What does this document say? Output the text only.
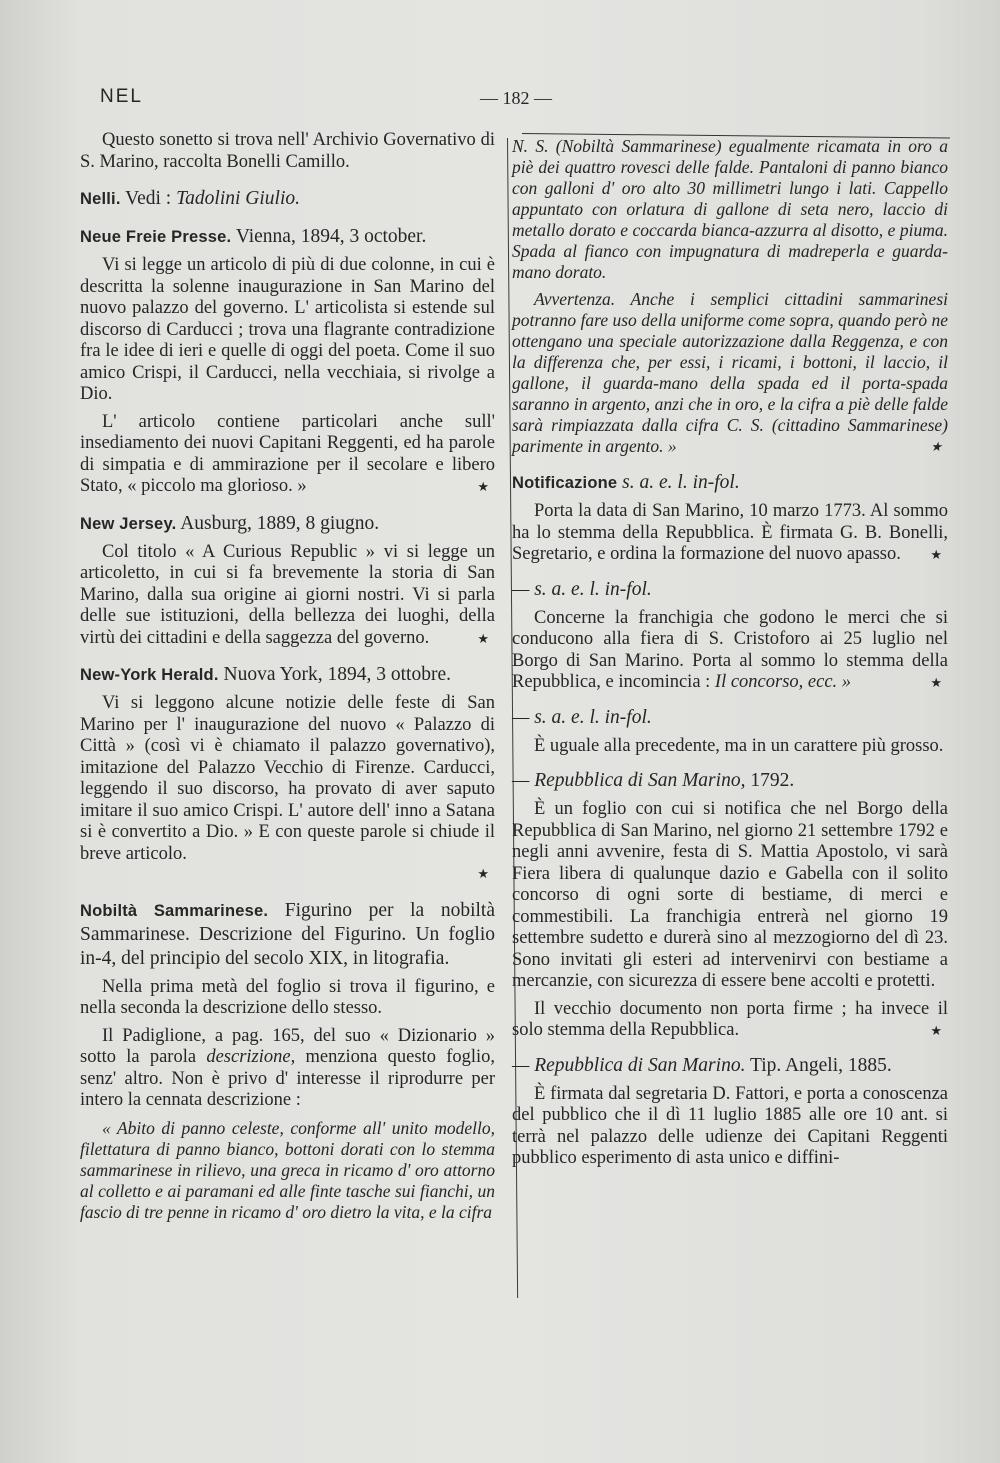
NEL	— 182 —

Questo sonetto si trova nell' Archivio Governativo di S. Marino, raccolta Bonelli Camillo.

Nelli. Vedi : Tadolini Giulio.
Neue Freie Presse. Vienna, 1894, 3 october.

Vi si legge un articolo di più di due colonne, in cui è descritta la solenne inaugurazione in San Marino del nuovo palazzo del governo. L' articolista si estende sul discorso di Carducci ; trova una flagrante contradizione fra le idee di ieri e quelle di oggi del poeta. Come il suo amico Crispi, il Carducci, nella vecchiaia, si rivolge a Dio.

L' articolo contiene particolari anche sull' insediamento dei nuovi Capitani Reggenti, ed ha parole di simpatia e di ammirazione per il secolare e libero Stato, « piccolo ma glorioso. »	★

New Jersey. Ausburg, 1889, 8 giugno.

Col titolo « A Curious Republic » vi si legge un articoletto, in cui si fa brevemente la storia di San Marino, dalla sua origine ai giorni nostri. Vi si parla delle sue istituzioni, della bellezza dei luoghi, della virtù dei cittadini e della saggezza del governo.	★

New-York Herald. Nuova York, 1894, 3 ottobre.

Vi si leggono alcune notizie delle feste di San Marino per l' inaugurazione del nuovo « Palazzo di Città » (così vi è chiamato il palazzo governativo), imitazione del Palazzo Vecchio di Firenze. Carducci, leggendo il suo discorso, ha provato di aver saputo imitare il suo amico Crispi. L' autore dell' inno a Satana si è convertito a Dio. » E con queste parole si chiude il breve articolo.

★
Nobiltà Sammarinese. Figurino per la nobiltà Sammarinese. Descrizione del Figurino. Un foglio in-4, del principio del secolo XIX, in litografia.

Nella prima metà del foglio si trova il figurino, e nella seconda la descrizione dello stesso.

Il Padiglione, a pag. 165, del suo « Dizionario » sotto la parola descrizione, menziona questo foglio, senz' altro. Non è privo d' interesse il riprodurre per intero la cennata descrizione :

« Abito di panno celeste, conforme all' unito modello, filettatura di panno bianco, bottoni dorati con lo stemma sammarinese in rilievo, una greca in ricamo d' oro attorno al colletto e ai paramani ed alle finte tasche sui fianchi, un fascio di tre penne in ricamo d' oro dietro la vita, e la cifra

N. S. (Nobiltà Sammarinese) egualmente ricamata in oro a piè dei quattro rovesci delle falde. Pantaloni di panno bianco con galloni d' oro alto 30 millimetri lungo i lati. Cappello appuntato con orlatura di gallone di seta nero, laccio di metallo dorato e coccarda bianca-azzurra al disotto, e piuma. Spada al fianco con impugnatura di madreperla e guarda-mano dorato.

Avvertenza. Anche i semplici cittadini sammarinesi potranno fare uso della uniforme come sopra, quando però ne ottengano una speciale autorizzazione dalla Reggenza, e con la differenza che, per essi, i ricami, i bottoni, il laccio, il gallone, il guarda-mano della spada ed il porta-spada saranno in argento, anzi che in oro, e la cifra a piè delle falde sarà rimpiazzata dalla cifra C. S. (cittadino Sammarinese) parimente in argento. »	★

Notificazione s. a. e. l. in-fol.

Porta la data di San Marino, 10 marzo 1773. Al sommo ha lo stemma della Repubblica. È firmata G. B. Bonelli, Segretario, e ordina la formazione del nuovo apasso.	★

— s. a. e. l. in-fol.

Concerne la franchigia che godono le merci che si conducono alla fiera di S. Cristoforo ai 25 luglio nel Borgo di San Marino. Porta al sommo lo stemma della Repubblica, e incomincia : Il concorso, ecc. »	★

— s. a. e. l. in-fol.

È uguale alla precedente, ma in un carattere più grosso.

— Repubblica di San Marino, 1792.

È un foglio con cui si notifica che nel Borgo della Repubblica di San Marino, nel giorno 21 settembre 1792 e negli anni avvenire, festa di S. Mattia Apostolo, vi sarà Fiera libera di qualunque dazio e Gabella con il solito concorso di ogni sorte di bestiame, di merci e commestibili. La franchigia entrerà nel giorno 19 settembre sudetto e durerà sino al mezzogiorno del dì 23. Sono invitati gli esteri ad intervenirvi con bestiame a mercanzie, con sicurezza di essere bene accolti e protetti.

Il vecchio documento non porta firme ; ha invece il solo stemma della Repubblica.	★

— Repubblica di San Marino. Tip. Angeli, 1885.

È firmata dal segretaria D. Fattori, e porta a conoscenza del pubblico che il dì 11 luglio 1885 alle ore 10 ant. si terrà nel palazzo delle udienze dei Capitani Reggenti pubblico esperimento di asta unico e diffini-
